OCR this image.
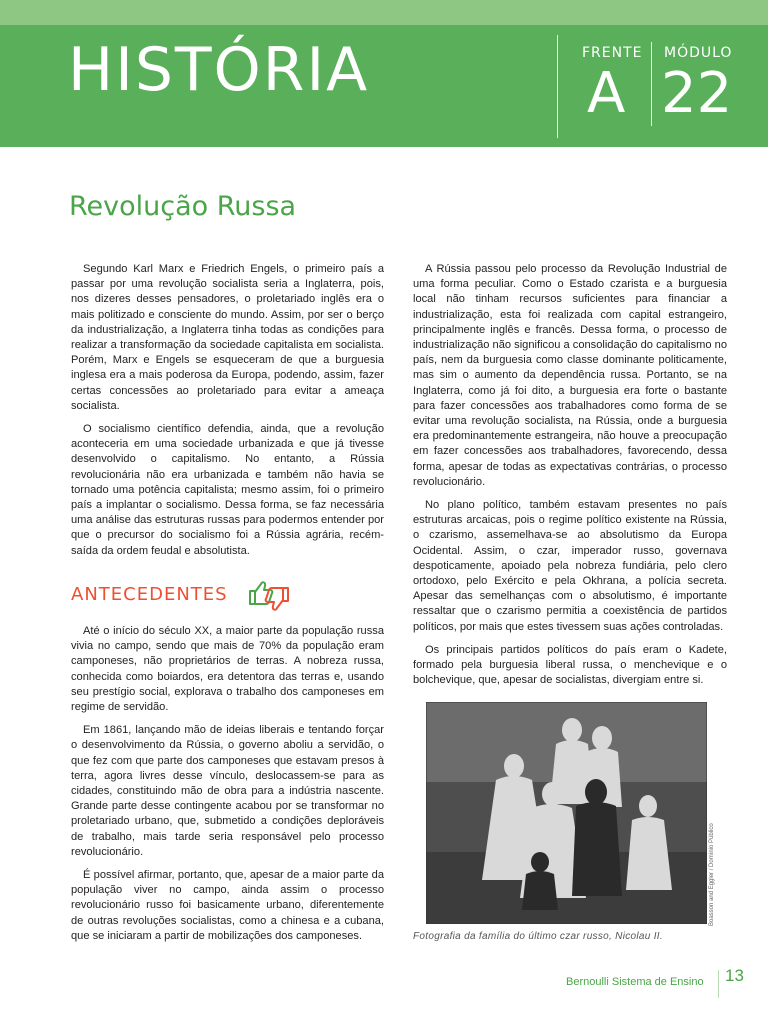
HISTÓRIA	FRENTE MÓDULO
A 22
Revolução Russa

Segundo Karl Marx e Friedrich Engels, o primeiro país a passar por uma revolução socialista seria a Inglaterra, pois, nos dizeres desses pensadores, o proletariado inglês era o mais politizado e consciente do mundo. Assim, por ser o berço da industrialização, a Inglaterra tinha todas as condições para realizar a transformação da sociedade capitalista em socialista. Porém, Marx e Engels se esqueceram de que a burguesia inglesa era a mais poderosa da Europa, podendo, assim, fazer certas concessões ao proletariado para evitar a ameaça socialista.

O socialismo científico defendia, ainda, que a revolução aconteceria em uma sociedade urbanizada e que já tivesse desenvolvido o capitalismo. No entanto, a Rússia revolucionária não era urbanizada e também não havia se tornado uma potência capitalista; mesmo assim, foi o primeiro país a implantar o socialismo. Dessa forma, se faz necessária uma análise das estruturas russas para podermos entender por que o precursor do socialismo foi a Rússia agrária, recém-saída da ordem feudal e absolutista.

ANTECEDENTES

Até o início do século XX, a maior parte da população russa vivia no campo, sendo que mais de 70% da população eram camponeses, não proprietários de terras. A nobreza russa, conhecida como boiardos, era detentora das terras e, usando seu prestígio social, explorava o trabalho dos camponeses em regime de servidão.

Em 1861, lançando mão de ideias liberais e tentando forçar o desenvolvimento da Rússia, o governo aboliu a servidão, o que fez com que parte dos camponeses que estavam presos à terra, agora livres desse vínculo, deslocassem-se para as cidades, constituindo mão de obra para a indústria nascente. Grande parte desse contingente acabou por se transformar no proletariado urbano, que, submetido a condições deploráveis de trabalho, mais tarde seria responsável pelo processo revolucionário.

É possível afirmar, portanto, que, apesar de a maior parte da população viver no campo, ainda assim o processo revolucionário russo foi basicamente urbano, diferentemente de outras revoluções socialistas, como a chinesa e a cubana, que se iniciaram a partir de mobilizações dos camponeses.

A Rússia passou pelo processo da Revolução Industrial de uma forma peculiar. Como o Estado czarista e a burguesia local não tinham recursos suficientes para financiar a industrialização, esta foi realizada com capital estrangeiro, principalmente inglês e francês. Dessa forma, o processo de industrialização não significou a consolidação do capitalismo no país, nem da burguesia como classe dominante politicamente, mas sim o aumento da dependência russa. Portanto, se na Inglaterra, como já foi dito, a burguesia era forte o bastante para fazer concessões aos trabalhadores como forma de se evitar uma revolução socialista, na Rússia, onde a burguesia era predominantemente estrangeira, não houve a preocupação em fazer concessões aos trabalhadores, favorecendo, dessa forma, apesar de todas as expectativas contrárias, o processo revolucionário.

No plano político, também estavam presentes no país estruturas arcaicas, pois o regime político existente na Rússia, o czarismo, assemelhava-se ao absolutismo da Europa Ocidental. Assim, o czar, imperador russo, governava despoticamente, apoiado pela nobreza fundiária, pelo clero ortodoxo, pelo Exército e pela Okhrana, a polícia secreta. Apesar das semelhanças com o absolutismo, é importante ressaltar que o czarismo permitia a coexistência de partidos políticos, por mais que estes tivessem suas ações controladas.

Os principais partidos políticos do país eram o Kadete, formado pela burguesia liberal russa, o menchevique e o bolchevique, que, apesar de socialistas, divergiam entre si.

Boasson and Eggler / Domínio Público
Fotografia da família do último czar russo, Nicolau II.
Bernoulli Sistema de Ensino 13
